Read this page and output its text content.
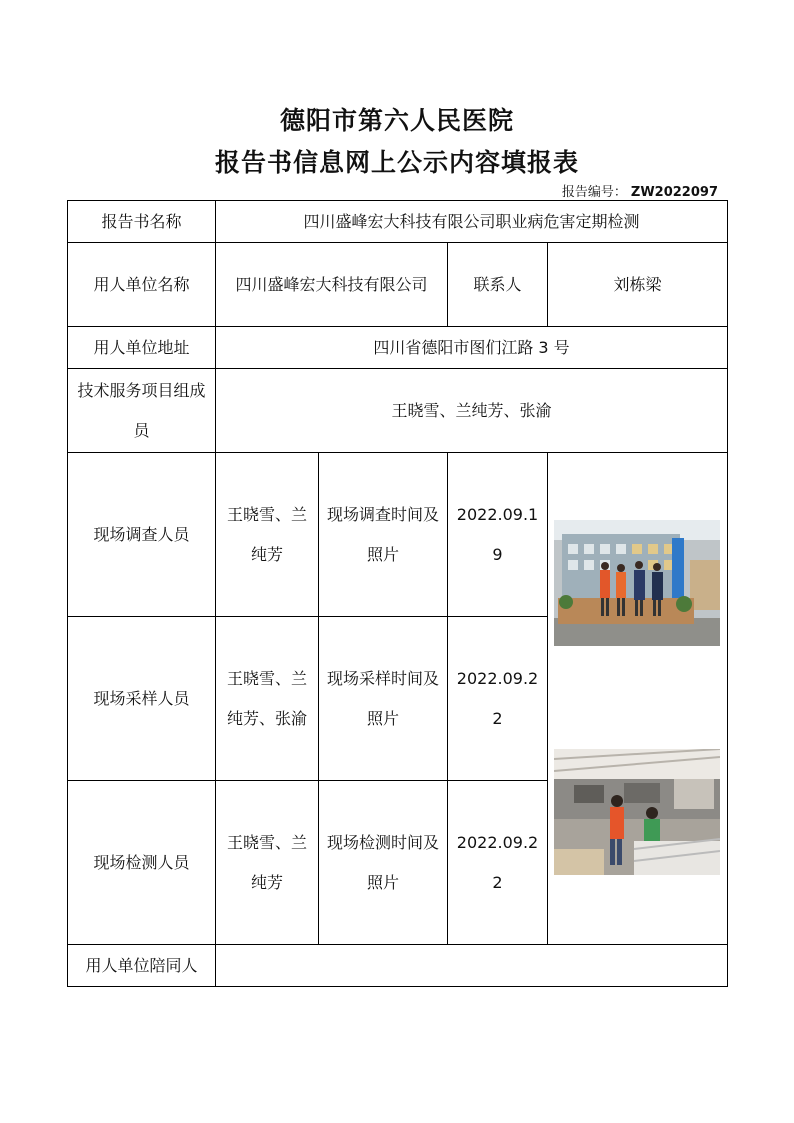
德阳市第六人民医院
报告书信息网上公示内容填报表
报告编号： ZW2022097
报告书名称	四川盛峰宏大科技有限公司职业病危害定期检测			
用人单位名称	四川盛峰宏大科技有限公司		联系人	刘栋梁
用人单位地址	四川省德阳市图们江路 3 号			
技术服务项目组成员	王晓雪、兰纯芳、张渝			
现场调查人员	王晓雪、兰纯芳	现场调查时间及照片	2022.09.19	

现场采样人员	王晓雪、兰纯芳、张渝	现场采样时间及照片	2022.09.22	
现场检测人员	王晓雪、兰纯芳	现场检测时间及照片	2022.09.22	
用人单位陪同人				
